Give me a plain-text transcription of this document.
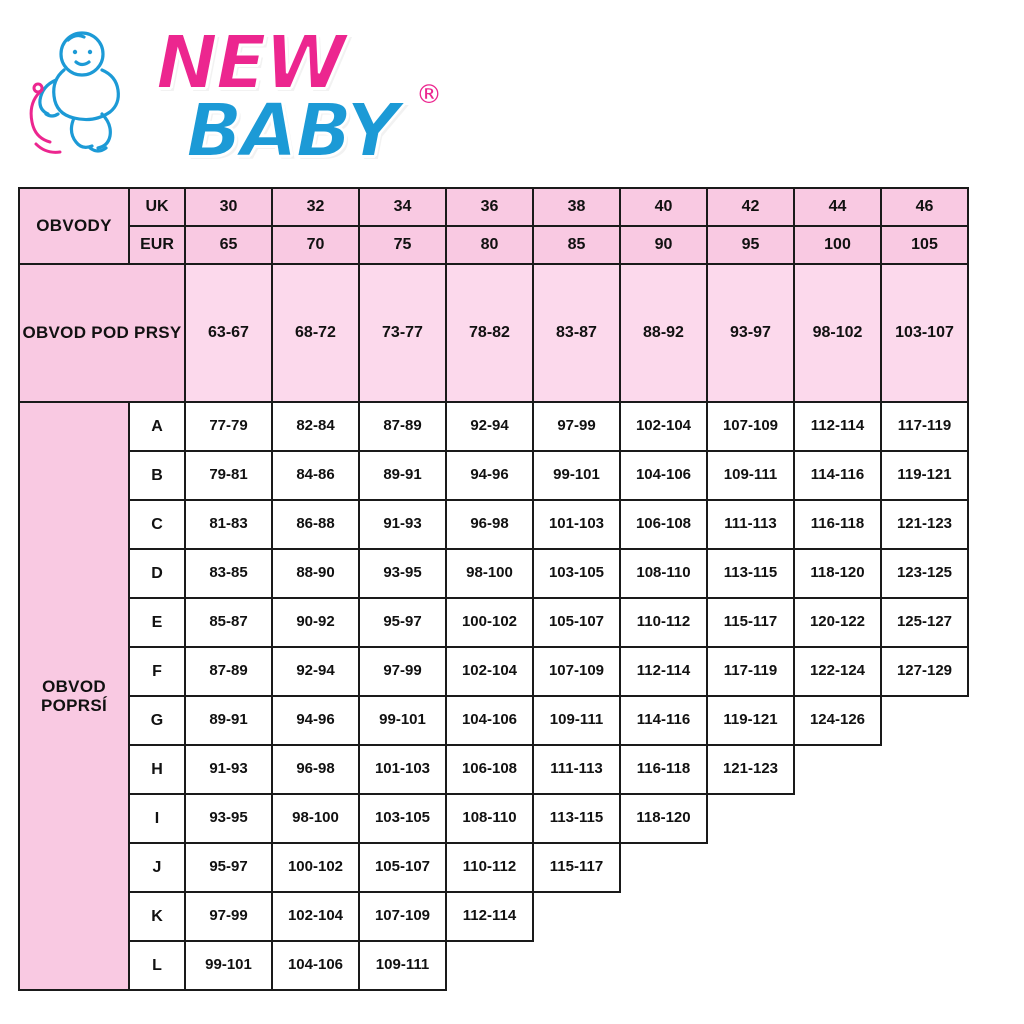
NEW	®
BABY
OBVODY	UK	30	32	34	36	38	40	42	44	46
	EUR	65	70	75	80	85	90	95	100	105
OBVOD POD PRSY		63-67	68-72	73-77	78-82	83-87	88-92	93-97	98-102	103-107
OBVOD POPRSÍ	A	77-79	82-84	87-89	92-94	97-99	102-104	107-109	112-114	117-119
	B	79-81	84-86	89-91	94-96	99-101	104-106	109-111	114-116	119-121
	C	81-83	86-88	91-93	96-98	101-103	106-108	111-113	116-118	121-123
	D	83-85	88-90	93-95	98-100	103-105	108-110	113-115	118-120	123-125
	E	85-87	90-92	95-97	100-102	105-107	110-112	115-117	120-122	125-127
	F	87-89	92-94	97-99	102-104	107-109	112-114	117-119	122-124	127-129
	G	89-91	94-96	99-101	104-106	109-111	114-116	119-121	124-126	
	H	91-93	96-98	101-103	106-108	111-113	116-118	121-123		
	I	93-95	98-100	103-105	108-110	113-115	118-120			
	J	95-97	100-102	105-107	110-112	115-117				
	K	97-99	102-104	107-109	112-114					
	L	99-101	104-106	109-111						
